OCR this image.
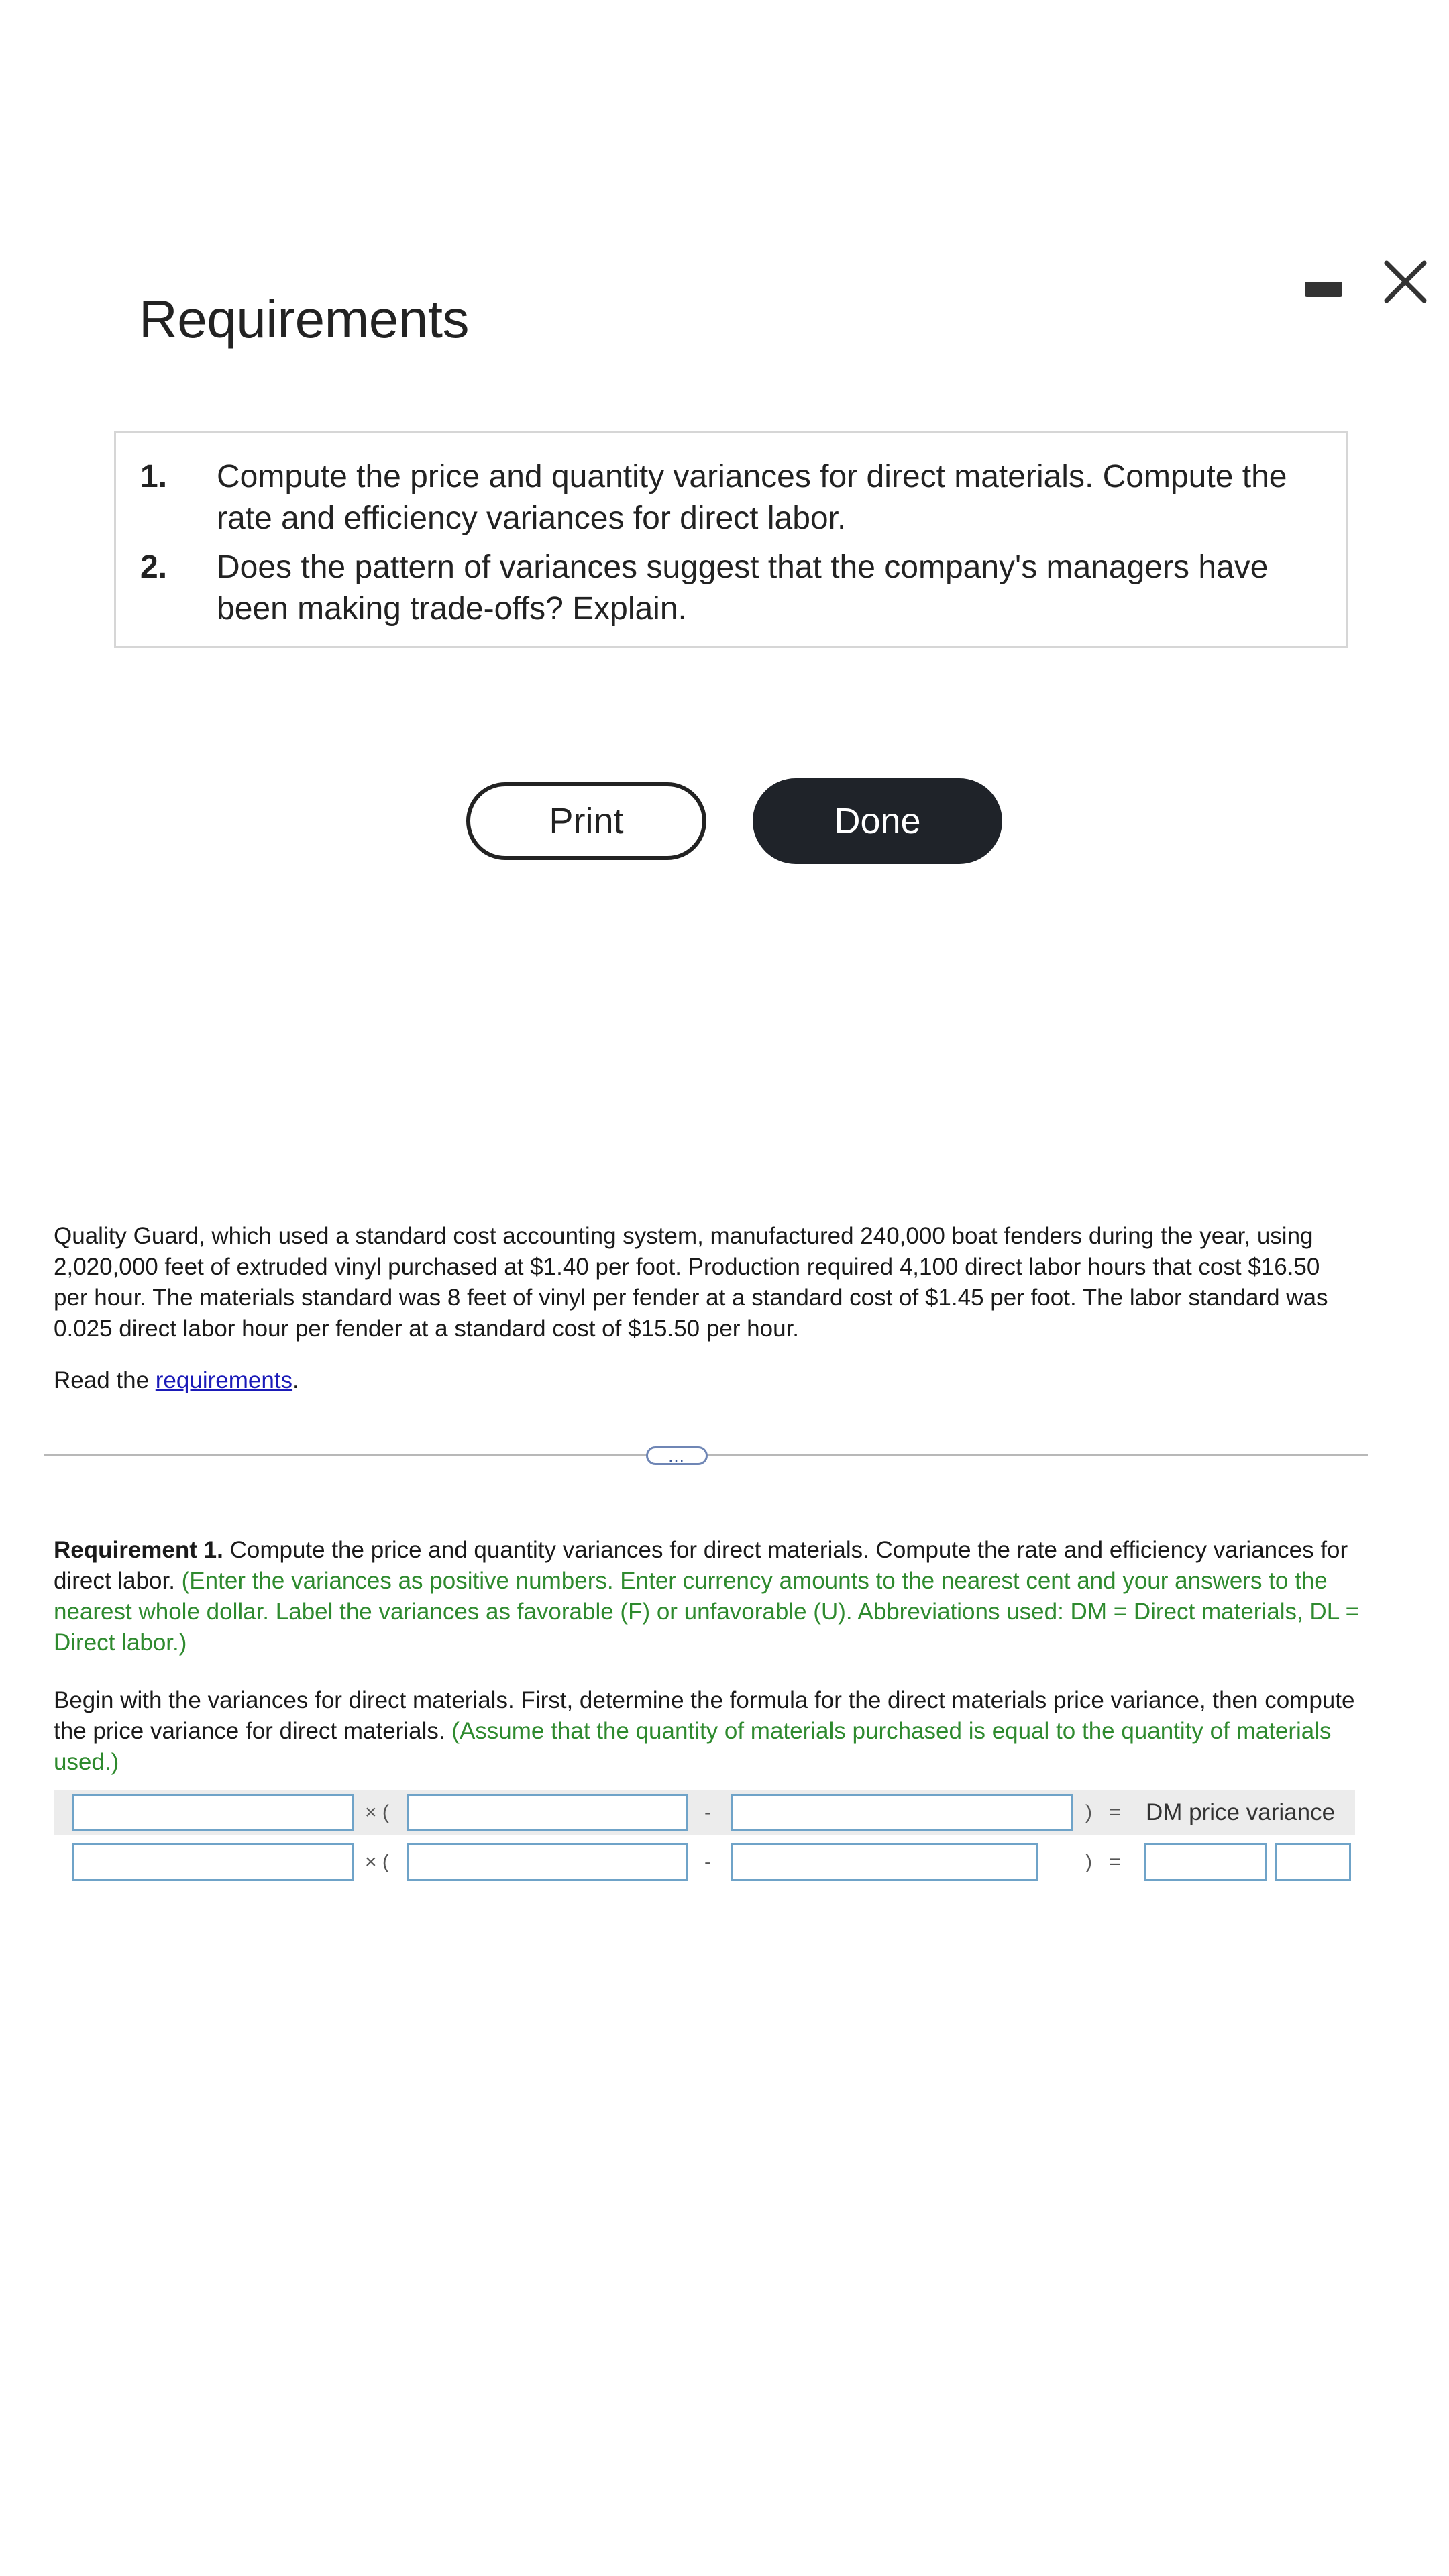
Requirements
1. Compute the price and quantity variances for direct materials. Compute the rate and efficiency variances for direct labor.
2. Does the pattern of variances suggest that the company's managers have been making trade-offs? Explain.
Print	Done
Quality Guard, which used a standard cost accounting system, manufactured 240,000 boat fenders during the year, using 2,020,000 feet of extruded vinyl purchased at $1.40 per foot. Production required 4,100 direct labor hours that cost $16.50 per hour. The materials standard was 8 feet of vinyl per fender at a standard cost of $1.45 per foot. The labor standard was 0.025 direct labor hour per fender at a standard cost of $15.50 per hour.
Read the requirements.
…
Requirement 1. Compute the price and quantity variances for direct materials. Compute the rate and efficiency variances for direct labor. (Enter the variances as positive numbers. Enter currency amounts to the nearest cent and your answers to the nearest whole dollar. Label the variances as favorable (F) or unfavorable (U). Abbreviations used: DM = Direct materials, DL = Direct labor.)
Begin with the variances for direct materials. First, determine the formula for the direct materials price variance, then compute the price variance for direct materials. (Assume that the quantity of materials purchased is equal to the quantity of materials used.)
× (	-	)   = DM price variance
× (	-	)   =
